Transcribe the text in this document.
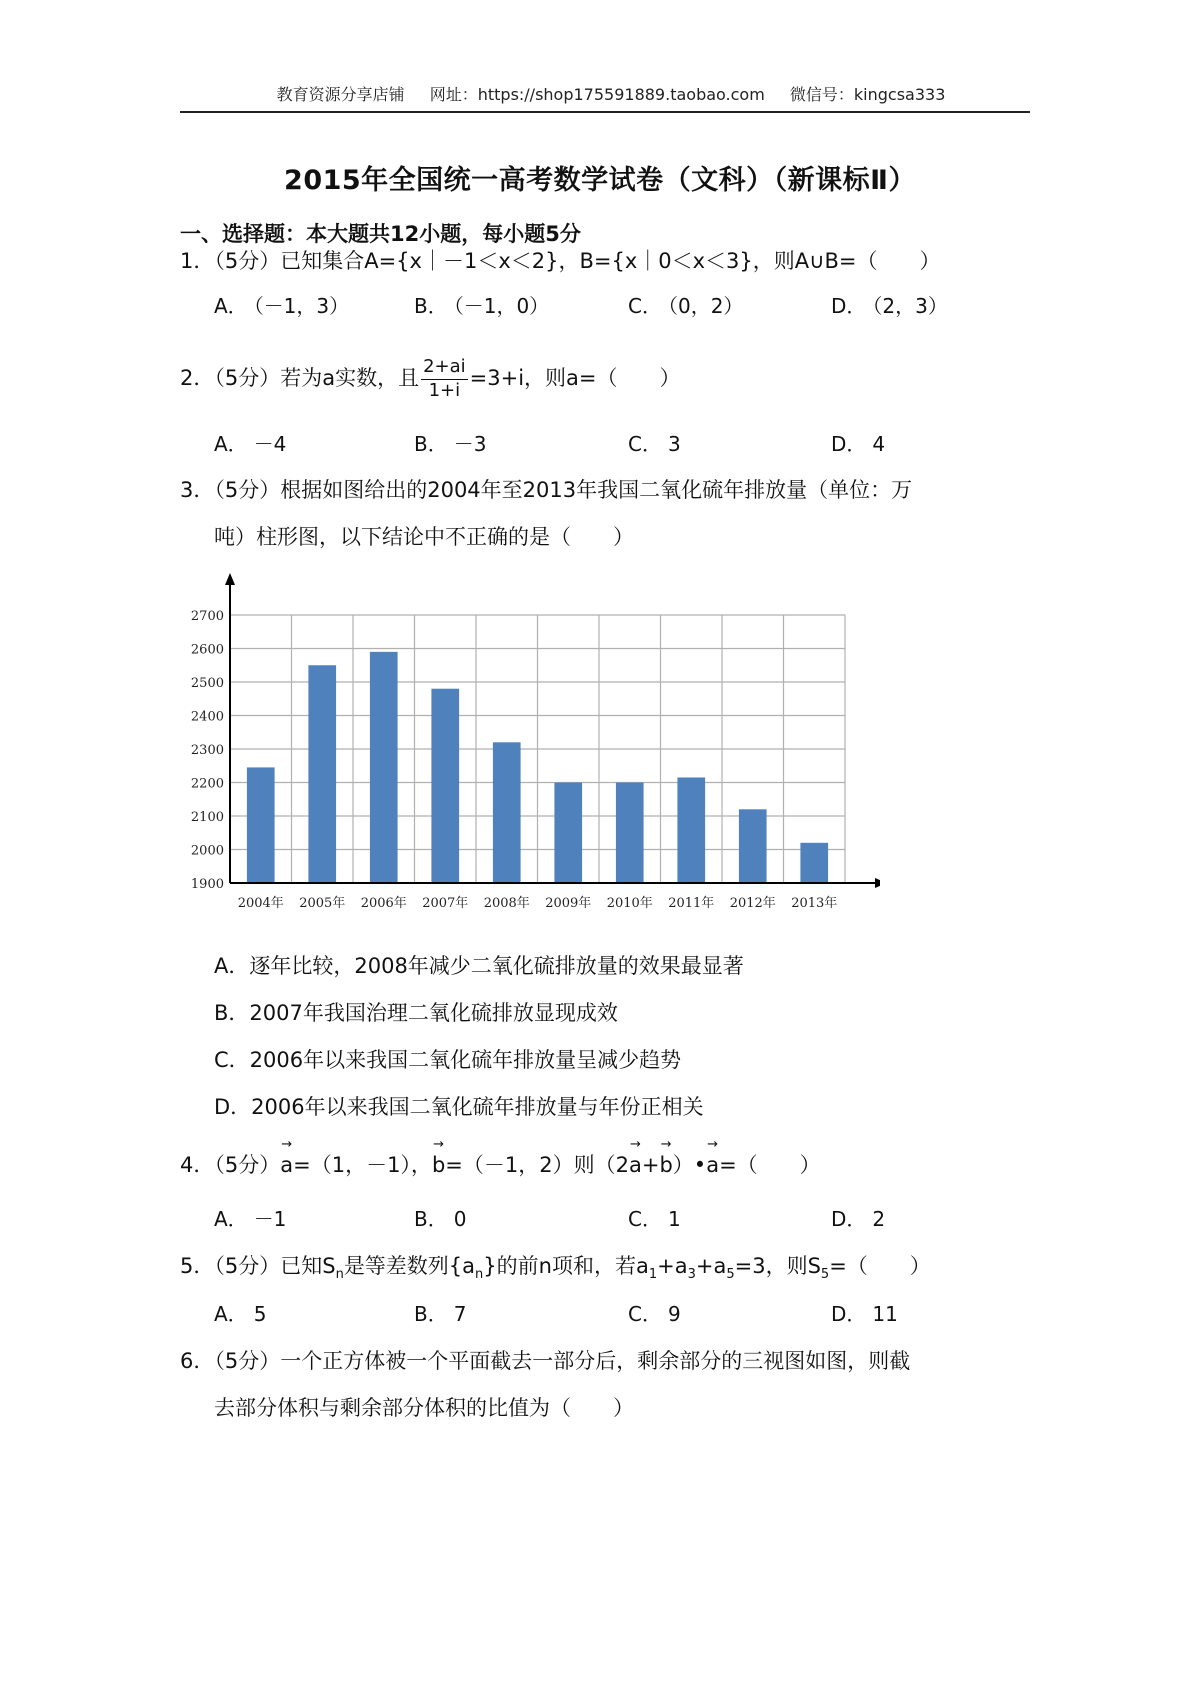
教育资源分享店铺 网址：https://shop175591889.taobao.com 微信号：kingcsa333
2015年全国统一高考数学试卷（文科）（新课标Ⅱ）
一、选择题：本大题共12小题，每小题5分
1．（5分）已知集合A={x｜－1＜x＜2}，B={x｜0＜x＜3}，则A∪B=（　　）
A． （－1，3）	B． （－1，0）	C． （0，2）	D． （2，3）
2．（5分）若为a实数，且 $\frac{2+ai}{1+i} =3+i$，则a=（　　）
A． －4	B． －3	C． 3	D． 4
3．（5分）根据如图给出的2004年至2013年我国二氧化硫年排放量（单位：万
吨）柱形图，以下结论中不正确的是（　　）
1900
2000
2100
2200
2300
2400
2500
2600
2700
2004年 2005年 2006年 2007年 2008年 2009年 2010年 2011年 2012年 2013年
A．逐年比较，2008年减少二氧化硫排放量的效果最显著
B．2007年我国治理二氧化硫排放显现成效
C．2006年以来我国二氧化硫年排放量呈减少趋势
D．2006年以来我国二氧化硫年排放量与年份正相关
4．（5分）→ a=（1，－1），→ b=（－1，2）则（2→ a+→ b）•→ a=（　　）
A． －1	B． 0	C． 1	D． 2
5．（5分）已知$S_n$是等差数列$\{a_n\}$的前n项和，若$a_1+a_3+a_5=3$，则$S_5=$（　　）
A． 5	B． 7	C． 9	D． 11
6．（5分）一个正方体被一个平面截去一部分后，剩余部分的三视图如图，则截
去部分体积与剩余部分体积的比值为（　　）
